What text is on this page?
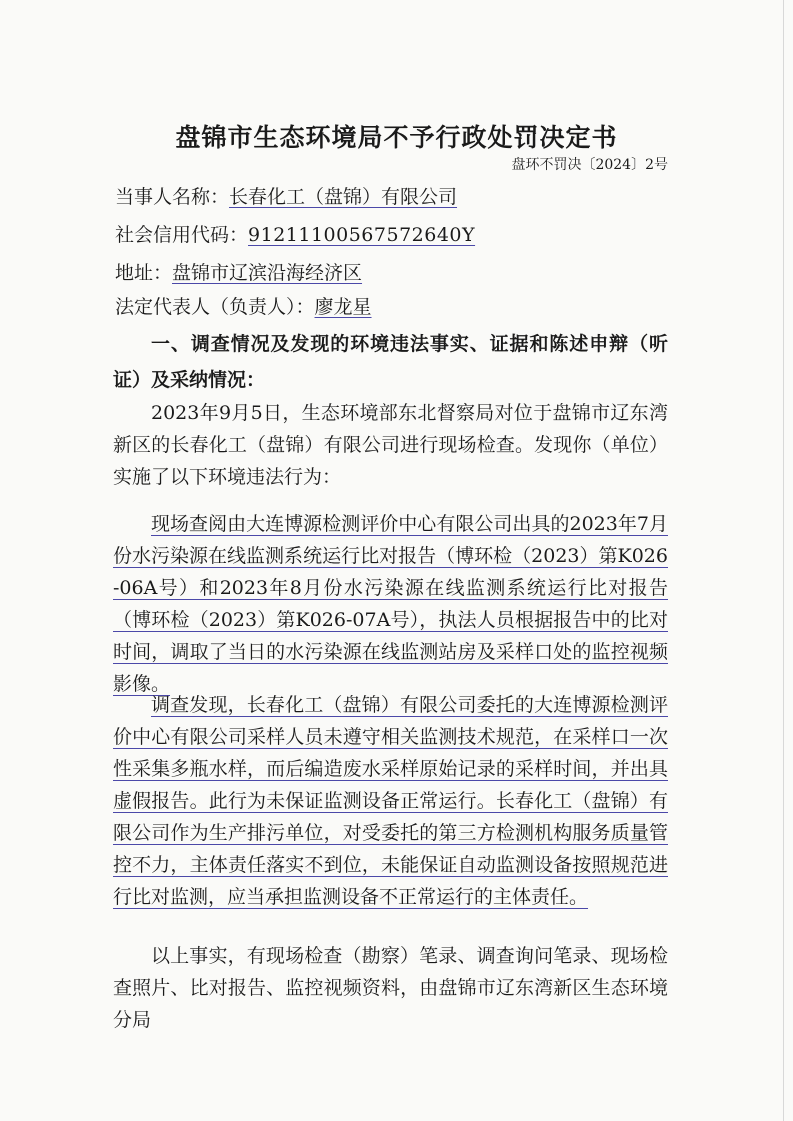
盘锦市生态环境局不予行政处罚决定书
盘环不罚决〔2024〕2号
当事人名称：长春化工（盘锦）有限公司
社会信用代码：91211100567572640Y
地址：盘锦市辽滨沿海经济区
法定代表人（负责人）：廖龙星
一、调查情况及发现的环境违法事实、证据和陈述申辩（听证）及采纳情况：
2023年9月5日，生态环境部东北督察局对位于盘锦市辽东湾新区的长春化工（盘锦）有限公司进行现场检查。发现你（单位）实施了以下环境违法行为：
现场查阅由大连博源检测评价中心有限公司出具的2023年7月份水污染源在线监测系统运行比对报告（博环检（2023）第K026-06A号）和2023年8月份水污染源在线监测系统运行比对报告（博环检（2023）第K026-07A号），执法人员根据报告中的比对时间，调取了当日的水污染源在线监测站房及采样口处的监控视频影像。
调查发现，长春化工（盘锦）有限公司委托的大连博源检测评价中心有限公司采样人员未遵守相关监测技术规范，在采样口一次性采集多瓶水样，而后编造废水采样原始记录的采样时间，并出具虚假报告。此行为未保证监测设备正常运行。长春化工（盘锦）有限公司作为生产排污单位，对受委托的第三方检测机构服务质量管控不力，主体责任落实不到位，未能保证自动监测设备按照规范进行比对监测，应当承担监测设备不正常运行的主体责任。
以上事实，有现场检查（勘察）笔录、调查询问笔录、现场检查照片、比对报告、监控视频资料，由盘锦市辽东湾新区生态环境分局
